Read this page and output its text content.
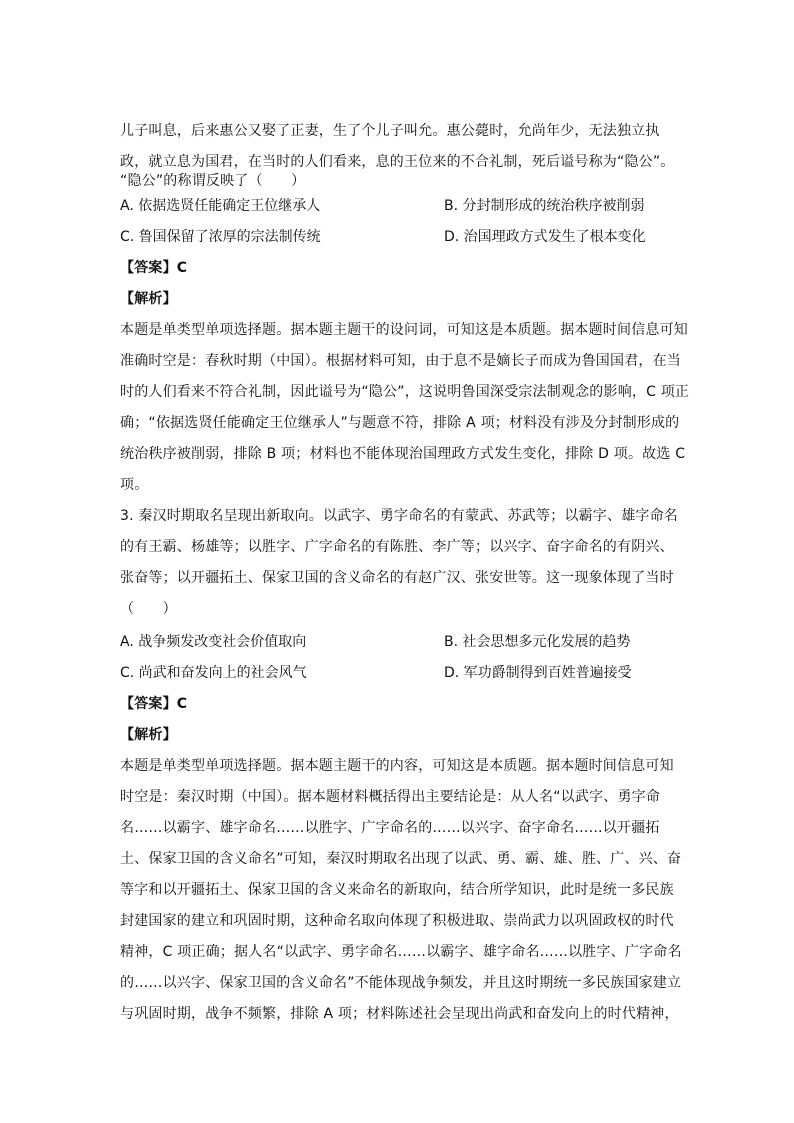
儿子叫息，后来惠公又娶了正妻，生了个儿子叫允。惠公薨时，允尚年少，无法独立执
政，就立息为国君，在当时的人们看来，息的王位来的不合礼制，死后谥号称为“隐公”。
“隐公”的称谓反映了（　　）
A. 依据选贤任能确定王位继承人	B. 分封制形成的统治秩序被削弱
C. 鲁国保留了浓厚的宗法制传统	D. 治国理政方式发生了根本变化
【答案】C
【解析】
本题是单类型单项选择题。据本题主题干的设问词，可知这是本质题。据本题时间信息可知
准确时空是：春秋时期（中国）。根据材料可知，由于息不是嫡长子而成为鲁国国君，在当
时的人们看来不符合礼制，因此谥号为“隐公”，这说明鲁国深受宗法制观念的影响，C 项正
确；“依据选贤任能确定王位继承人”与题意不符，排除 A 项；材料没有涉及分封制形成的
统治秩序被削弱，排除 B 项；材料也不能体现治国理政方式发生变化，排除 D 项。故选 C
项。
3. 秦汉时期取名呈现出新取向。以武字、勇字命名的有蒙武、苏武等；以霸字、雄字命名
的有王霸、杨雄等；以胜字、广字命名的有陈胜、李广等；以兴字、奋字命名的有阴兴、
张奋等；以开疆拓土、保家卫国的含义命名的有赵广汉、张安世等。这一现象体现了当时
（　　）
A. 战争频发改变社会价值取向	B. 社会思想多元化发展的趋势
C. 尚武和奋发向上的社会风气	D. 军功爵制得到百姓普遍接受
【答案】C
【解析】
本题是单类型单项选择题。据本题主题干的内容，可知这是本质题。据本题时间信息可知
时空是：秦汉时期（中国）。据本题材料概括得出主要结论是：从人名“以武字、勇字命
名……以霸字、雄字命名……以胜字、广字命名的……以兴字、奋字命名……以开疆拓
土、保家卫国的含义命名”可知，秦汉时期取名出现了以武、勇、霸、雄、胜、广、兴、奋
等字和以开疆拓土、保家卫国的含义来命名的新取向，结合所学知识，此时是统一多民族
封建国家的建立和巩固时期，这种命名取向体现了积极进取、崇尚武力以巩固政权的时代
精神，C 项正确；据人名“以武字、勇字命名……以霸字、雄字命名……以胜字、广字命名
的……以兴字、保家卫国的含义命名”不能体现战争频发，并且这时期统一多民族国家建立
与巩固时期，战争不频繁，排除 A 项；材料陈述社会呈现出尚武和奋发向上的时代精神，
